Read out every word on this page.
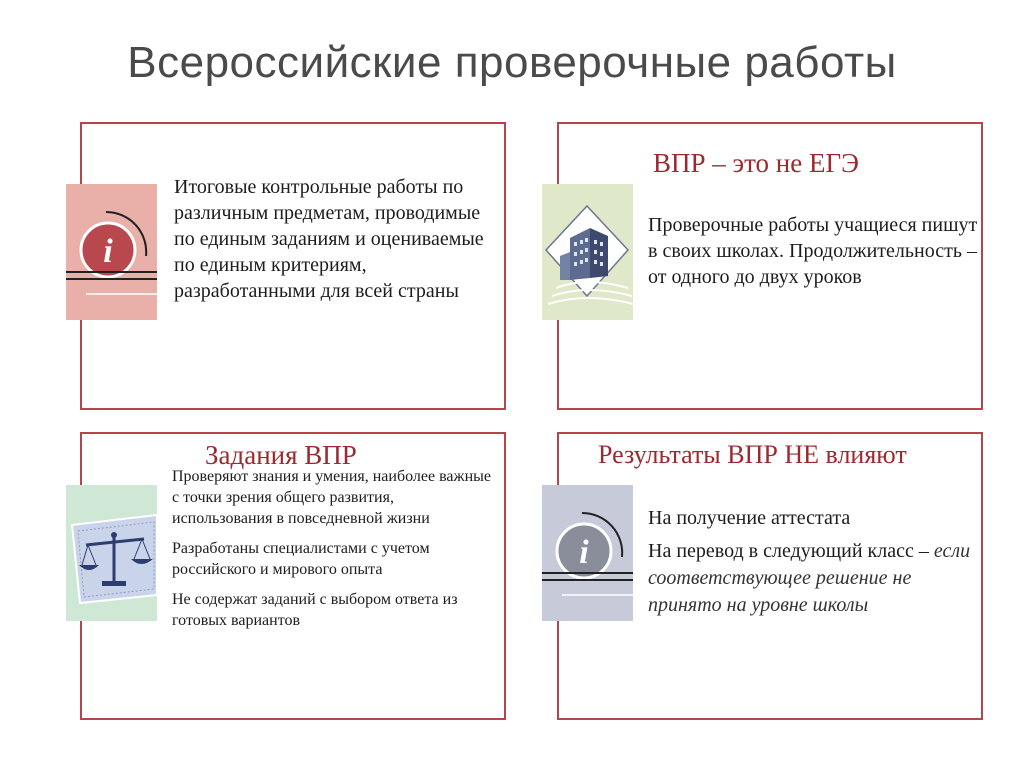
Всероссийские проверочные работы
i
Итоговые контрольные работы по различным предметам, проводимые по единым заданиям и оцениваемые по единым критериям, разработанными для всей страны
ВПР – это не ЕГЭ
Проверочные работы учащиеся пишут в своих школах. Продолжительность – от одного до двух уроков
Задания ВПР

Проверяют знания и умения, наиболее важные с точки зрения общего развития, использования в повседневной жизни

Разработаны специалистами с учетом российского и мирового опыта

Не содержат заданий с выбором ответа из готовых вариантов

i
Результаты ВПР НЕ влияют

На получение аттестата

На перевод в следующий класс – если соответствующее решение не принято на уровне школы
